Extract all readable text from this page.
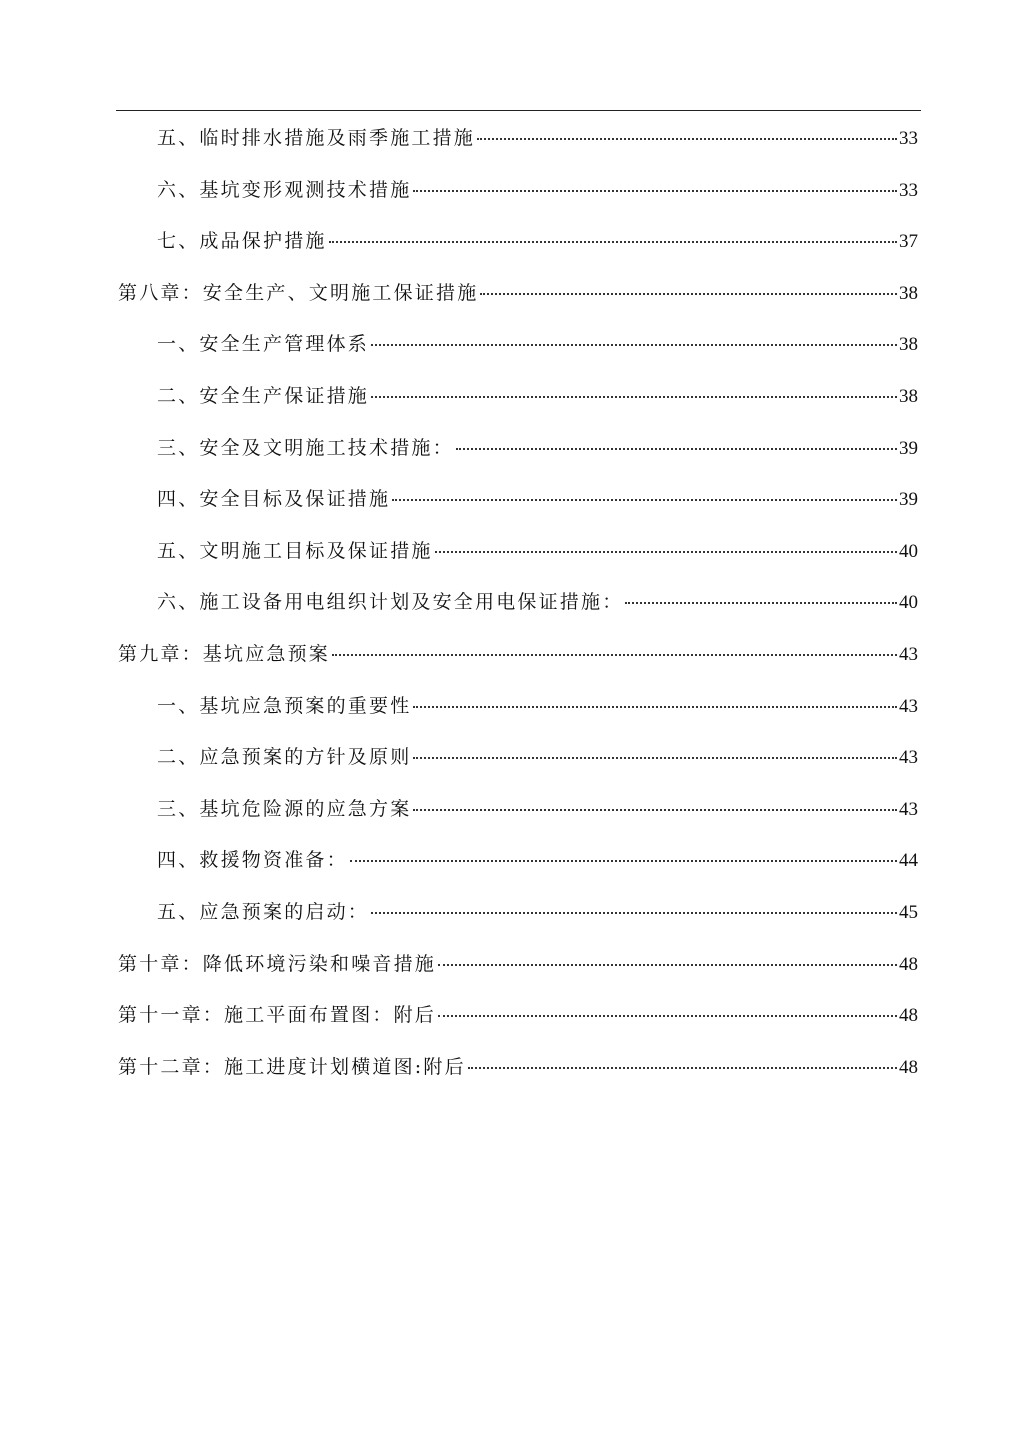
五、临时排水措施及雨季施工措施	33
六、基坑变形观测技术措施	33
七、成品保护措施	37
第八章：安全生产、文明施工保证措施	38
一、安全生产管理体系	38
二、安全生产保证措施	38
三、安全及文明施工技术措施：	39
四、安全目标及保证措施	39
五、文明施工目标及保证措施	40
六、施工设备用电组织计划及安全用电保证措施：	40
第九章：基坑应急预案	43
一、基坑应急预案的重要性	43
二、应急预案的方针及原则	43
三、基坑危险源的应急方案	43
四、救援物资准备：	44
五、应急预案的启动：	45
第十章：降低环境污染和噪音措施	48
第十一章：施工平面布置图：附后	48
第十二章：施工进度计划横道图:附后	48
